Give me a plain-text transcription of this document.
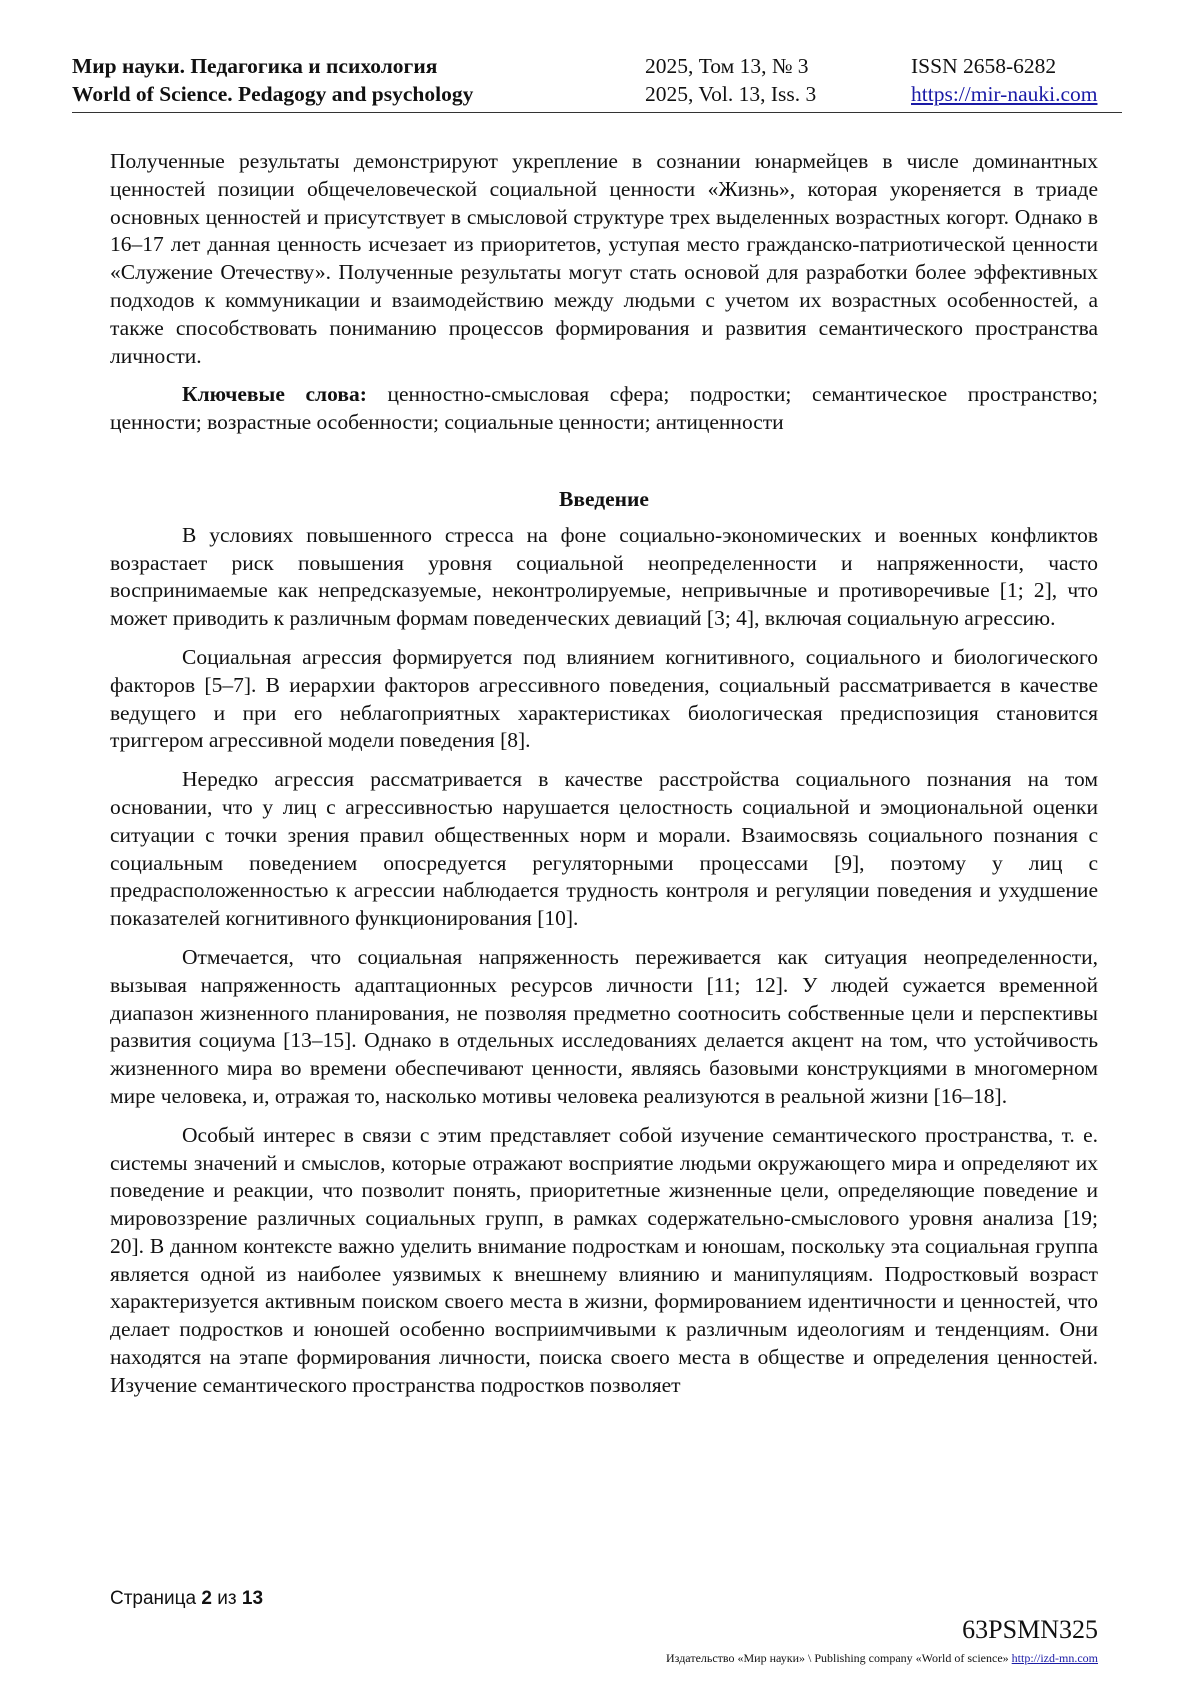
Мир науки. Педагогика и психология
World of Science. Pedagogy and psychology
2025, Том 13, № 3
2025, Vol. 13, Iss. 3
ISSN 2658-6282
https://mir-nauki.com

Полученные результаты демонстрируют укрепление в сознании юнармейцев в числе доминантных ценностей позиции общечеловеческой социальной ценности «Жизнь», которая укореняется в триаде основных ценностей и присутствует в смысловой структуре трех выделенных возрастных когорт. Однако в 16–17 лет данная ценность исчезает из приоритетов, уступая место гражданско-патриотической ценности «Служение Отечеству». Полученные результаты могут стать основой для разработки более эффективных подходов к коммуникации и взаимодействию между людьми с учетом их возрастных особенностей, а также способствовать пониманию процессов формирования и развития семантического пространства личности.

Ключевые слова: ценностно-смысловая сфера; подростки; семантическое пространство; ценности; возрастные особенности; социальные ценности; антиценности

Введение

В условиях повышенного стресса на фоне социально-экономических и военных конфликтов возрастает риск повышения уровня социальной неопределенности и напряженности, часто воспринимаемые как непредсказуемые, неконтролируемые, непривычные и противоречивые [1; 2], что может приводить к различным формам поведенческих девиаций [3; 4], включая социальную агрессию.

Социальная агрессия формируется под влиянием когнитивного, социального и биологического факторов [5–7]. В иерархии факторов агрессивного поведения, социальный рассматривается в качестве ведущего и при его неблагоприятных характеристиках биологическая предиспозиция становится триггером агрессивной модели поведения [8].

Нередко агрессия рассматривается в качестве расстройства социального познания на том основании, что у лиц с агрессивностью нарушается целостность социальной и эмоциональной оценки ситуации с точки зрения правил общественных норм и морали. Взаимосвязь социального познания с социальным поведением опосредуется регуляторными процессами [9], поэтому у лиц с предрасположенностью к агрессии наблюдается трудность контроля и регуляции поведения и ухудшение показателей когнитивного функционирования [10].

Отмечается, что социальная напряженность переживается как ситуация неопределенности, вызывая напряженность адаптационных ресурсов личности [11; 12]. У людей сужается временной диапазон жизненного планирования, не позволяя предметно соотносить собственные цели и перспективы развития социума [13–15]. Однако в отдельных исследованиях делается акцент на том, что устойчивость жизненного мира во времени обеспечивают ценности, являясь базовыми конструкциями в многомерном мире человека, и, отражая то, насколько мотивы человека реализуются в реальной жизни [16–18].

Особый интерес в связи с этим представляет собой изучение семантического пространства, т. е. системы значений и смыслов, которые отражают восприятие людьми окружающего мира и определяют их поведение и реакции, что позволит понять, приоритетные жизненные цели, определяющие поведение и мировоззрение различных социальных групп, в рамках содержательно-смыслового уровня анализа [19; 20]. В данном контексте важно уделить внимание подросткам и юношам, поскольку эта социальная группа является одной из наиболее уязвимых к внешнему влиянию и манипуляциям. Подростковый возраст характеризуется активным поиском своего места в жизни, формированием идентичности и ценностей, что делает подростков и юношей особенно восприимчивыми к различным идеологиям и тенденциям. Они находятся на этапе формирования личности, поиска своего места в обществе и определения ценностей. Изучение семантического пространства подростков позволяет

Страница 2 из 13
63PSMN325
Издательство «Мир науки» \ Publishing company «World of science» http://izd-mn.com
